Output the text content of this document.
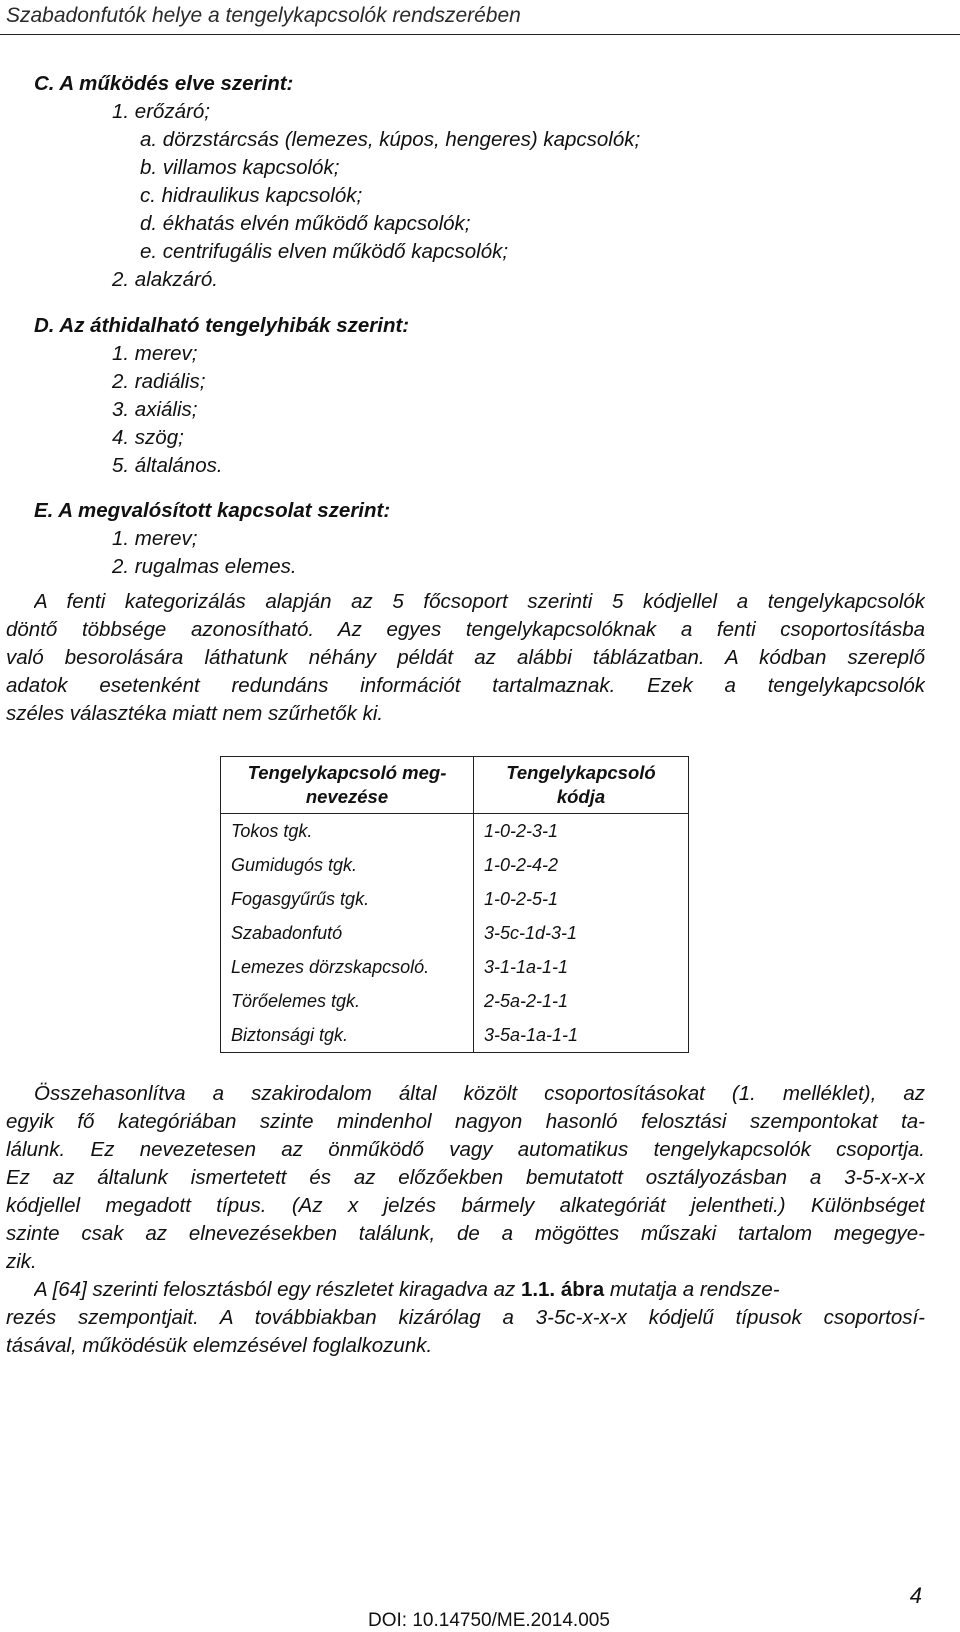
Szabadonfutók helye a tengelykapcsolók rendszerében
C. A működés elve szerint:
1. erőzáró;
a. dörzstárcsás (lemezes, kúpos, hengeres) kapcsolók;
b. villamos kapcsolók;
c. hidraulikus kapcsolók;
d. ékhatás elvén működő kapcsolók;
e. centrifugális elven működő kapcsolók;
2. alakzáró.
D. Az áthidalható tengelyhibák szerint:
1. merev;
2. radiális;
3. axiális;
4. szög;
5. általános.
E. A megvalósított kapcsolat szerint:
1. merev;
2. rugalmas elemes.
A fenti kategorizálás alapján az 5 főcsoport szerinti 5 kódjellel a tengelykapcsolók
döntő többsége azonosítható. Az egyes tengelykapcsolóknak a fenti csoportosításba
való besorolására láthatunk néhány példát az alábbi táblázatban. A kódban szereplő
adatok esetenként redundáns információt tartalmaznak. Ezek a tengelykapcsolók
széles választéka miatt nem szűrhetők ki.
Tengelykapcsoló meg-nevezése	Tengelykapcsoló kódja
Tokos tgk.	1-0-2-3-1
Gumidugós tgk.	1-0-2-4-2
Fogasgyűrűs tgk.	1-0-2-5-1
Szabadonfutó	3-5c-1d-3-1
Lemezes dörzskapcsoló.	3-1-1a-1-1
Törőelemes tgk.	2-5a-2-1-1
Biztonsági tgk.	3-5a-1a-1-1
Összehasonlítva a szakirodalom által közölt csoportosításokat (1. melléklet), az
egyik fő kategóriában szinte mindenhol nagyon hasonló felosztási szempontokat ta-
lálunk. Ez nevezetesen az önműködő vagy automatikus tengelykapcsolók csoportja.
Ez az általunk ismertetett és az előzőekben bemutatott osztályozásban a 3-5-x-x-x
kódjellel megadott típus. (Az x jelzés bármely alkategóriát jelentheti.) Különbséget
szinte csak az elnevezésekben találunk, de a mögöttes műszaki tartalom megegye-
zik.
A [64] szerinti felosztásból egy részletet kiragadva az 1.1. ábra mutatja a rendsze-
rezés szempontjait. A továbbiakban kizárólag a 3-5c-x-x-x kódjelű típusok csoportosí-
tásával, működésük elemzésével foglalkozunk.
4
DOI: 10.14750/ME.2014.005
